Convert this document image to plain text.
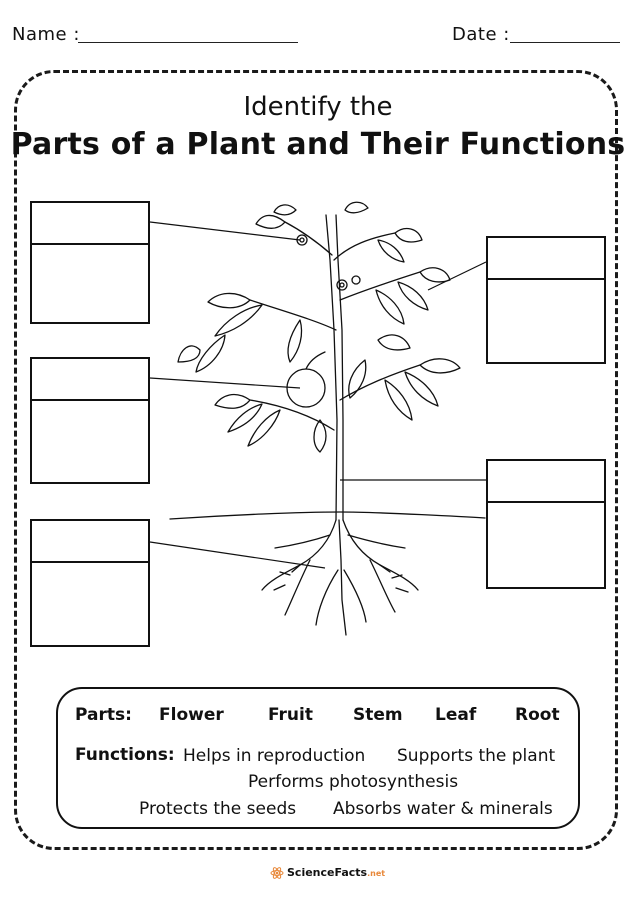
Name :	Date :
Identify the
Parts of a Plant and Their Functions
Parts: Flower	Fruit Stem Leaf Root
Functions: Helps in reproduction Supports the plant
Performs photosynthesis
Protects the seeds Absorbs water & minerals
ScienceFacts.net
